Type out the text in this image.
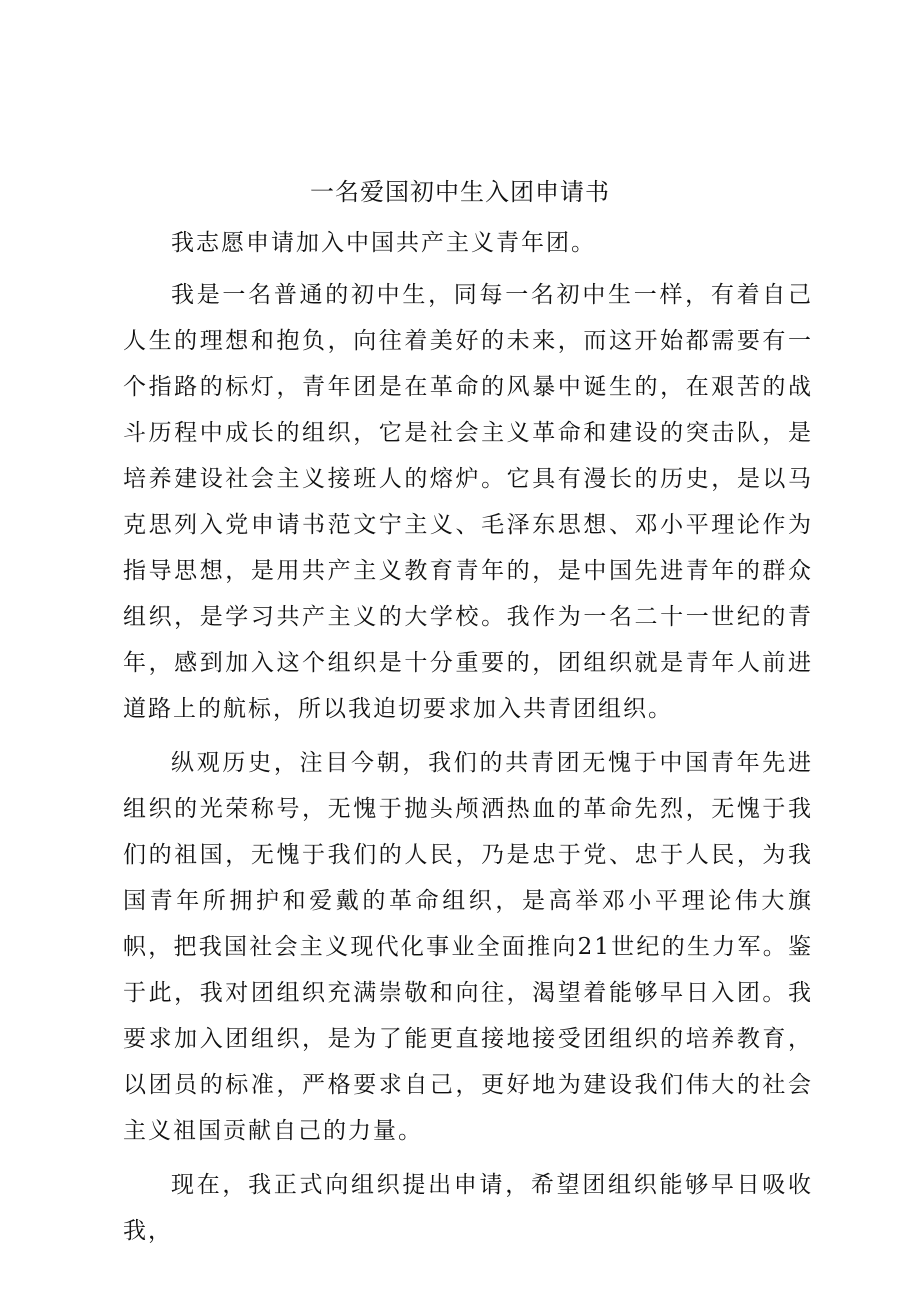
一名爱国初中生入团申请书

我志愿申请加入中国共产主义青年团。

我是一名普通的初中生，同每一名初中生一样，有着自己人生的理想和抱负，向往着美好的未来，而这开始都需要有一个指路的标灯，青年团是在革命的风暴中诞生的，在艰苦的战斗历程中成长的组织，它是社会主义革命和建设的突击队，是培养建设社会主义接班人的熔炉。它具有漫长的历史，是以马克思列入党申请书范文宁主义、毛泽东思想、邓小平理论作为指导思想，是用共产主义教育青年的，是中国先进青年的群众组织，是学习共产主义的大学校。我作为一名二十一世纪的青年，感到加入这个组织是十分重要的，团组织就是青年人前进道路上的航标，所以我迫切要求加入共青团组织。

纵观历史，注目今朝，我们的共青团无愧于中国青年先进组织的光荣称号，无愧于抛头颅洒热血的革命先烈，无愧于我们的祖国，无愧于我们的人民，乃是忠于党、忠于人民，为我国青年所拥护和爱戴的革命组织，是高举邓小平理论伟大旗帜，把我国社会主义现代化事业全面推向21世纪的生力军。鉴于此，我对团组织充满崇敬和向往，渴望着能够早日入团。我要求加入团组织，是为了能更直接地接受团组织的培养教育，以团员的标准，严格要求自己，更好地为建设我们伟大的社会主义祖国贡献自己的力量。

现在，我正式向组织提出申请，希望团组织能够早日吸收我，
